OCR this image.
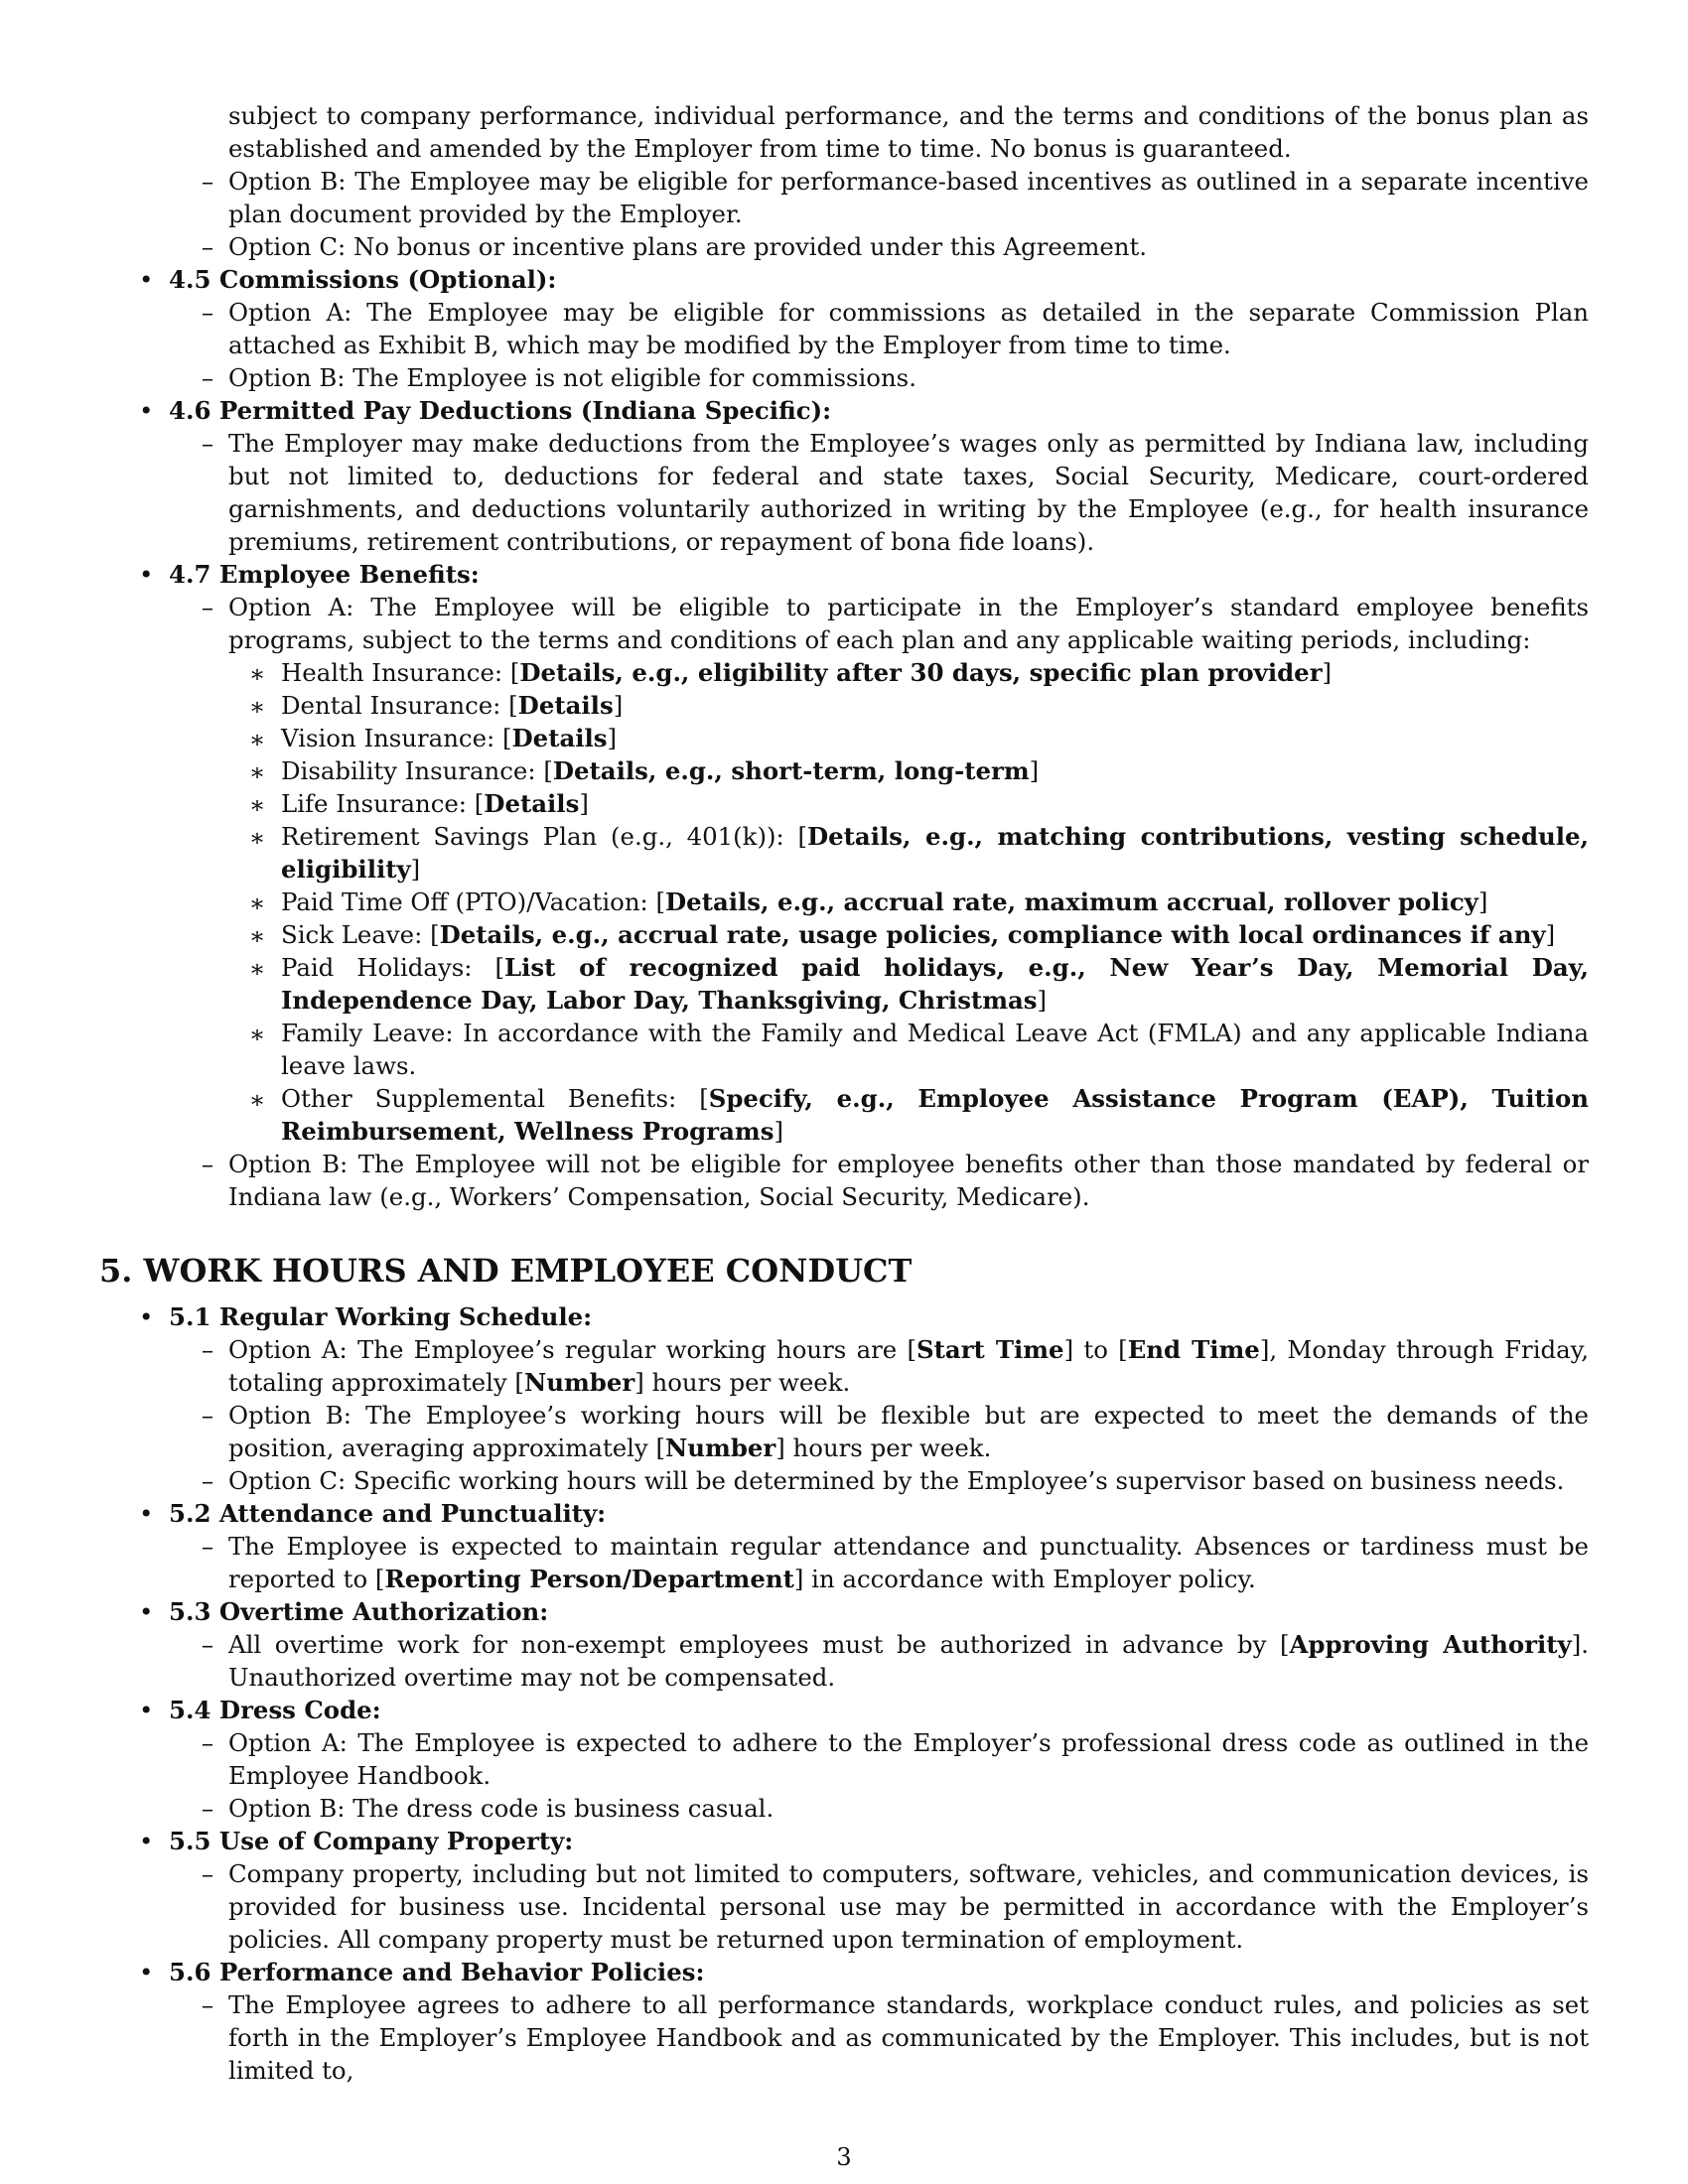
subject to company performance, individual performance, and the terms and conditions of the bonus plan as established and amended by the Employer from time to time. No bonus is guaranteed.
– Option B: The Employee may be eligible for performance-based incentives as outlined in a separate incentive plan document provided by the Employer.
– Option C: No bonus or incentive plans are provided under this Agreement.
• 4.5 Commissions (Optional):
– Option A: The Employee may be eligible for commissions as detailed in the separate Commission Plan attached as Exhibit B, which may be modified by the Employer from time to time.
– Option B: The Employee is not eligible for commissions.
• 4.6 Permitted Pay Deductions (Indiana Specific):
– The Employer may make deductions from the Employee’s wages only as permitted by Indiana law, including but not limited to, deductions for federal and state taxes, Social Security, Medicare, court-ordered garnishments, and deductions voluntarily authorized in writing by the Employee (e.g., for health insurance premiums, retirement contributions, or repayment of bona fide loans).
• 4.7 Employee Benefits:
– Option A: The Employee will be eligible to participate in the Employer’s standard employee benefits programs, subject to the terms and conditions of each plan and any applicable waiting periods, including:
∗ Health Insurance: [Details, e.g., eligibility after 30 days, specific plan provider]
∗ Dental Insurance: [Details]
∗ Vision Insurance: [Details]
∗ Disability Insurance: [Details, e.g., short-term, long-term]
∗ Life Insurance: [Details]
∗ Retirement Savings Plan (e.g., 401(k)): [Details, e.g., matching contributions, vesting schedule, eligibility]
∗ Paid Time Off (PTO)/Vacation: [Details, e.g., accrual rate, maximum accrual, rollover policy]
∗ Sick Leave: [Details, e.g., accrual rate, usage policies, compliance with local ordinances if any]
∗ Paid Holidays: [List of recognized paid holidays, e.g., New Year’s Day, Memorial Day, Independence Day, Labor Day, Thanksgiving, Christmas]
∗ Family Leave: In accordance with the Family and Medical Leave Act (FMLA) and any applicable Indiana leave laws.
∗ Other Supplemental Benefits: [Specify, e.g., Employee Assistance Program (EAP), Tuition Reimbursement, Wellness Programs]
– Option B: The Employee will not be eligible for employee benefits other than those mandated by federal or Indiana law (e.g., Workers’ Compensation, Social Security, Medicare).
5. WORK HOURS AND EMPLOYEE CONDUCT
• 5.1 Regular Working Schedule:
– Option A: The Employee’s regular working hours are [Start Time] to [End Time], Monday through Friday, totaling approximately [Number] hours per week.
– Option B: The Employee’s working hours will be flexible but are expected to meet the demands of the position, averaging approximately [Number] hours per week.
– Option C: Specific working hours will be determined by the Employee’s supervisor based on business needs.
• 5.2 Attendance and Punctuality:
– The Employee is expected to maintain regular attendance and punctuality. Absences or tardiness must be reported to [Reporting Person/Department] in accordance with Employer policy.
• 5.3 Overtime Authorization:
– All overtime work for non-exempt employees must be authorized in advance by [Approving Authority]. Unauthorized overtime may not be compensated.
• 5.4 Dress Code:
– Option A: The Employee is expected to adhere to the Employer’s professional dress code as outlined in the Employee Handbook.
– Option B: The dress code is business casual.
• 5.5 Use of Company Property:
– Company property, including but not limited to computers, software, vehicles, and communication devices, is provided for business use. Incidental personal use may be permitted in accordance with the Employer’s policies. All company property must be returned upon termination of employment.
• 5.6 Performance and Behavior Policies:
– The Employee agrees to adhere to all performance standards, workplace conduct rules, and policies as set forth in the Employer’s Employee Handbook and as communicated by the Employer. This includes, but is not limited to,
3
